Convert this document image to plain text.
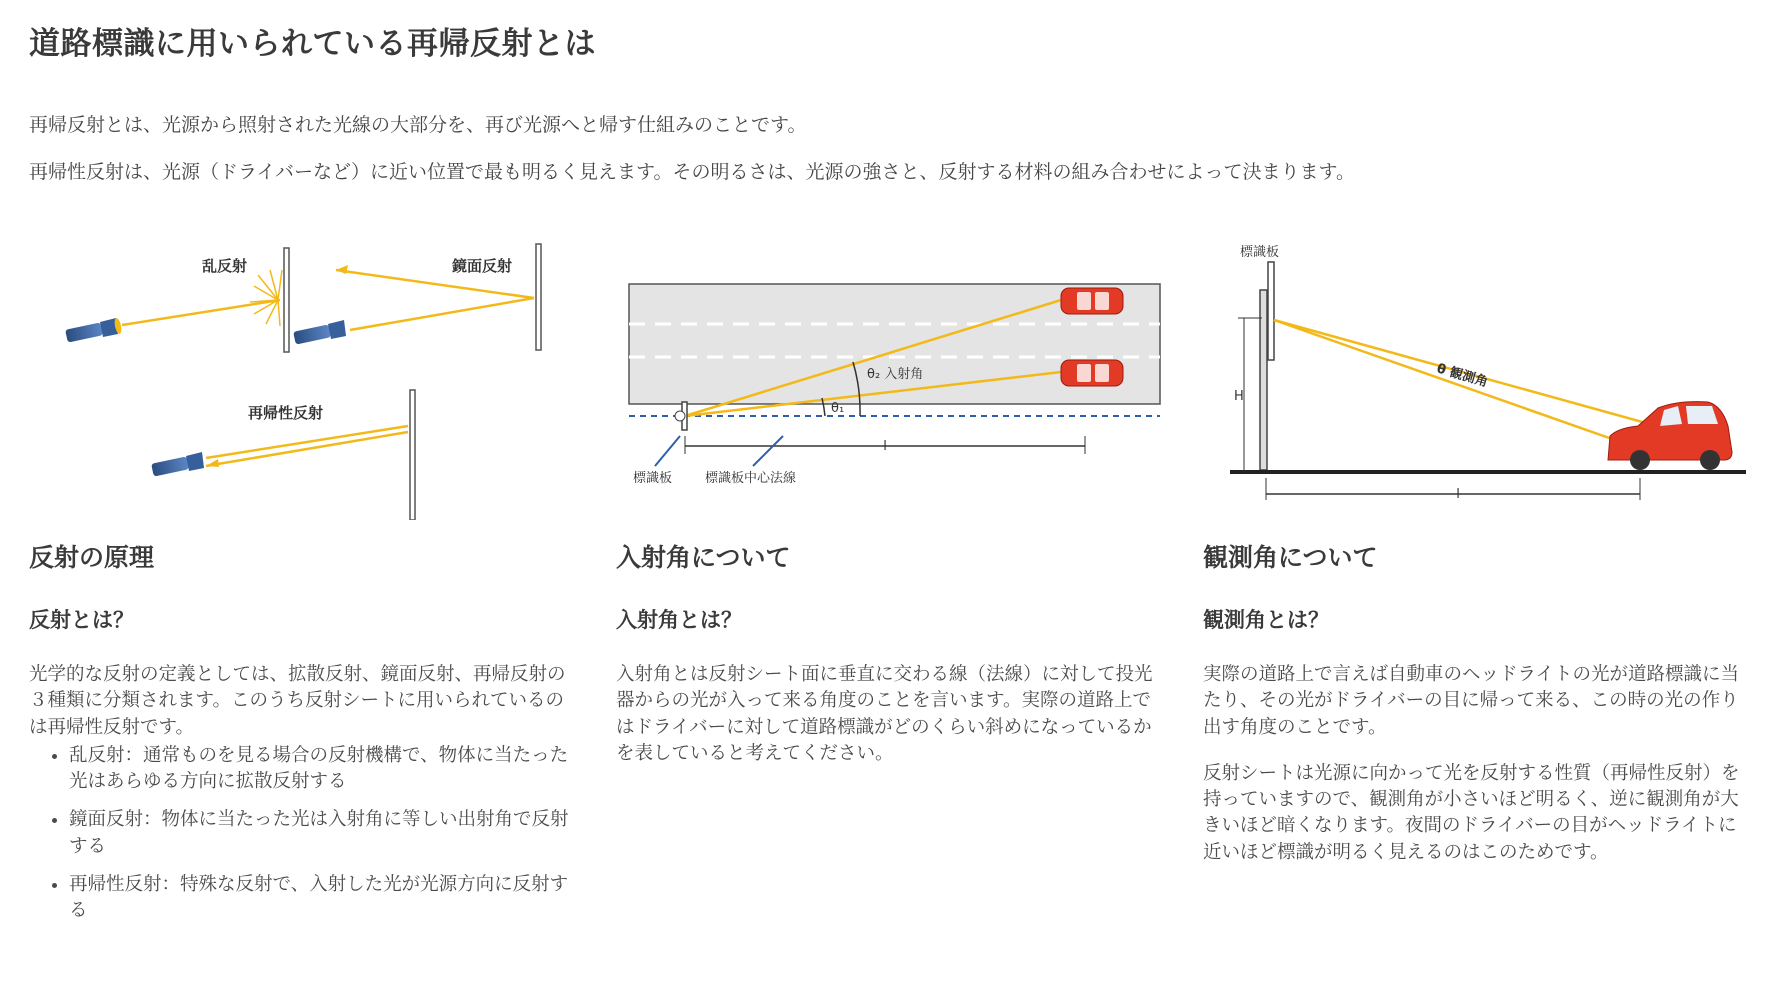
道路標識に用いられている再帰反射とは

再帰反射とは、光源から照射された光線の大部分を、再び光源へと帰す仕組みのことです。

再帰性反射は、光源（ドライバーなど）に近い位置で最も明るく見えます。その明るさは、光源の強さと、反射する材料の組み合わせによって決まります。

乱反射	鏡面反射
再帰性反射
θ₂ 入射角
θ₁
l
標識板	標識板中心法線
標識板
H
θ 観測角
l
反射の原理
反射とは？

光学的な反射の定義としては、拡散反射、鏡面反射、再帰反射の３種類に分類されます。このうち反射シートに用いられているのは再帰性反射です。

乱反射：通常ものを見る場合の反射機構で、物体に当たった光はあらゆる方向に拡散反射する
鏡面反射：物体に当たった光は入射角に等しい出射角で反射する
再帰性反射：特殊な反射で、入射した光が光源方向に反射する
入射角について
入射角とは？

入射角とは反射シート面に垂直に交わる線（法線）に対して投光器からの光が入って来る角度のことを言います。実際の道路上ではドライバーに対して道路標識がどのくらい斜めになっているかを表していると考えてください。

観測角について
観測角とは？

実際の道路上で言えば自動車のヘッドライトの光が道路標識に当たり、その光がドライバーの目に帰って来る、この時の光の作り出す角度のことです。

反射シートは光源に向かって光を反射する性質（再帰性反射）を持っていますので、観測角が小さいほど明るく、逆に観測角が大きいほど暗くなります。夜間のドライバーの目がヘッドライトに近いほど標識が明るく見えるのはこのためです。
